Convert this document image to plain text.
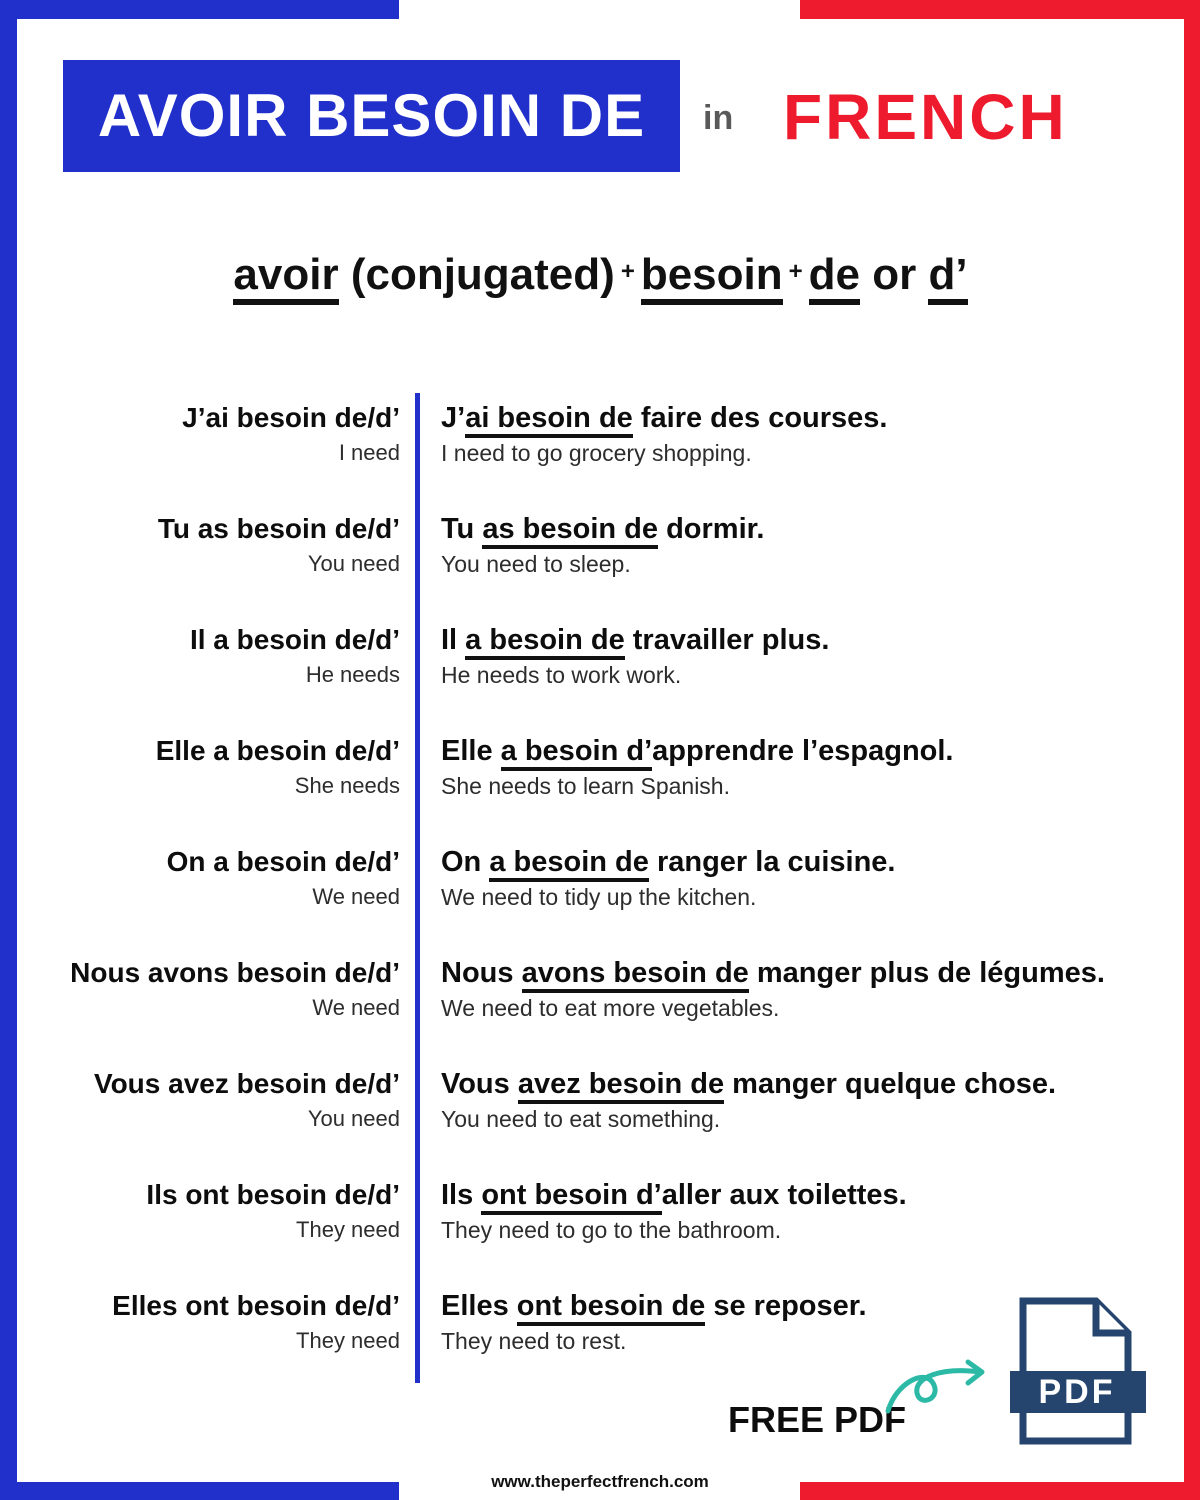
AVOIR BESOIN DE in FRENCH
avoir (conjugated) + besoin + de or d’
J’ai besoin de/d’
I need
J’ai besoin de faire des courses.
I need to go grocery shopping.
Tu as besoin de/d’
You need
Tu as besoin de dormir.
You need to sleep.
Il a besoin de/d’
He needs
Il a besoin de travailler plus.
He needs to work work.
Elle a besoin de/d’
She needs
Elle a besoin d’apprendre l’espagnol.
She needs to learn Spanish.
On a besoin de/d’
We need
On a besoin de ranger la cuisine.
We need to tidy up the kitchen.
Nous avons besoin de/d’
We need
Nous avons besoin de manger plus de légumes.
We need to eat more vegetables.
Vous avez besoin de/d’
You need
Vous avez besoin de manger quelque chose.
You need to eat something.
Ils ont besoin de/d’
They need
Ils ont besoin d’aller aux toilettes.
They need to go to the bathroom.
Elles ont besoin de/d’
They need
Elles ont besoin de se reposer.
They need to rest.
FREE PDF
PDF
www.theperfectfrench.com
